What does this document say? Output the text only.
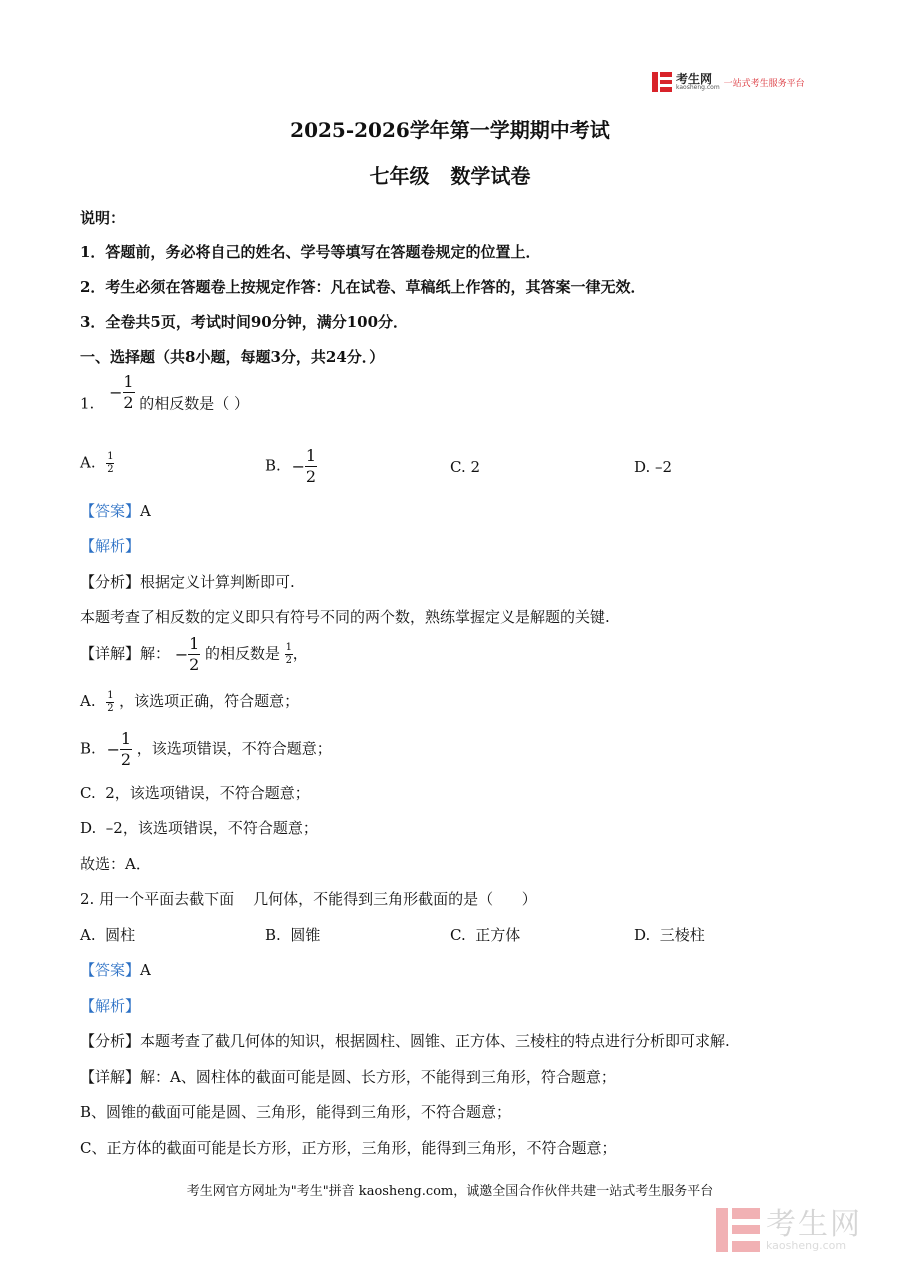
考生网
kaosheng.com 一站式考生服务平台
2025-2026学年第一学期期中考试
七年级   数学试卷
说明：
1．答题前，务必将自己的姓名、学号等填写在答题卷规定的位置上．
2．考生必须在答题卷上按规定作答：凡在试卷、草稿纸上作答的，其答案一律无效．
3．全卷共5页，考试时间90分钟，满分100分．
一、选择题（共8小题，每题3分，共24分．）
1. − $\frac{1}{2}$ 的相反数是（ ）
A. $\frac{1}{2}$	B. − $\frac{1}{2}$	C. 2	D. –2
【答案】A
【解析】
【分析】根据定义计算判断即可.
本题考查了相反数的定义即只有符号不同的两个数，熟练掌握定义是解题的关键.
【详解】解： − $\frac{1}{2}$ 的相反数是 $\frac{1}{2}$ ，
A. $\frac{1}{2}$ ，该选项正确，符合题意；
B. − $\frac{1}{2}$ ，该选项错误，不符合题意；
C.  2，该选项错误，不符合题意；
D.  –2，该选项错误，不符合题意；
故选：A．
2. 用一个平面去截下面    几何体，不能得到三角形截面的是（      ）
A.  圆柱	B.  圆锥	C.  正方体	D.  三棱柱
【答案】A
【解析】
【分析】本题考查了截几何体的知识，根据圆柱、圆锥、正方体、三棱柱的特点进行分析即可求解.
【详解】解：A、圆柱体的截面可能是圆、长方形，不能得到三角形，符合题意；
B、圆锥的截面可能是圆、三角形，能得到三角形，不符合题意；
C、正方体的截面可能是长方形，正方形，三角形，能得到三角形，不符合题意；
考生网官方网址为"考生"拼音 kaosheng.com，诚邀全国合作伙伴共建一站式考生服务平台
考生网
kaosheng.com
